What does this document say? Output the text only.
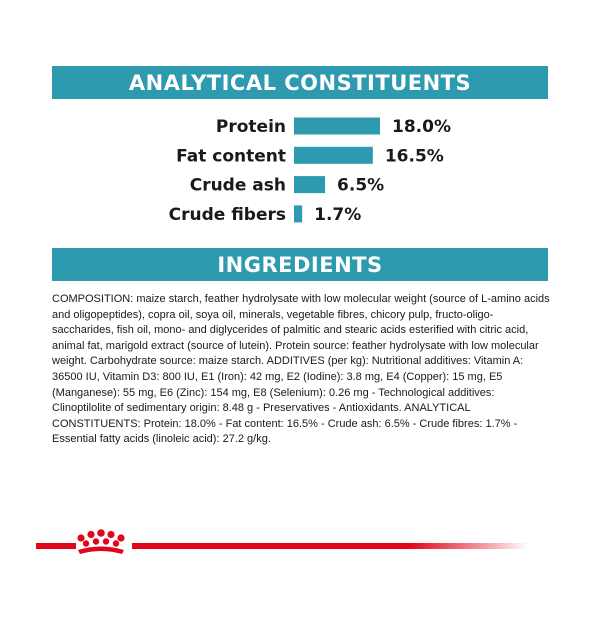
ANALYTICAL CONSTITUENTS
Protein	18.0%
Fat content	16.5%
Crude ash	6.5%
Crude fibers 1.7%
INGREDIENTS
COMPOSITION: maize starch, feather hydrolysate with low molecular weight (source of L-amino acids and oligopeptides), copra oil, soya oil, minerals, vegetable fibres, chicory pulp, fructo-oligo-saccharides, fish oil, mono- and diglycerides of palmitic and stearic acids esterified with citric acid, animal fat, marigold extract (source of lutein). Protein source: feather hydrolysate with low molecular weight. Carbohydrate source: maize starch. ADDITIVES (per kg): Nutritional additives: Vitamin A: 36500 IU, Vitamin D3: 800 IU, E1 (Iron): 42 mg, E2 (Iodine): 3.8 mg, E4 (Copper): 15 mg, E5 (Manganese): 55 mg, E6 (Zinc): 154 mg, E8 (Selenium): 0.26 mg - Technological additives: Clinoptilolite of sedimentary origin: 8.48 g - Preservatives - Antioxidants. ANALYTICAL CONSTITUENTS: Protein: 18.0% - Fat content: 16.5% - Crude ash: 6.5% - Crude fibres: 1.7% - Essential fatty acids (linoleic acid): 27.2 g/kg.
